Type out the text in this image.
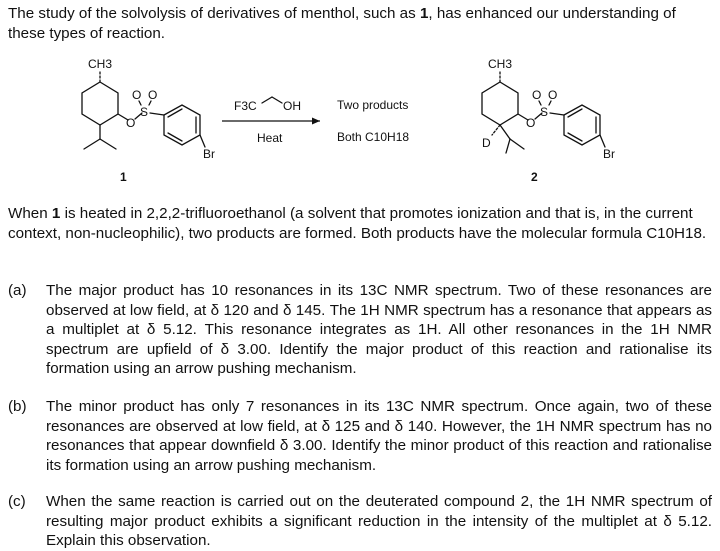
The study of the solvolysis of derivatives of menthol, such as 1, has enhanced our understanding of these types of reaction.
CH3
O
S
O O
Br
1
F3C OH
Heat
Two products
Both C10H18
CH3
O
S
O O
Br
D
2
When 1 is heated in 2,2,2-trifluoroethanol (a solvent that promotes ionization and that is, in the current context, non-nucleophilic), two products are formed. Both products have the molecular formula C10H18.
(a)	The major product has 10 resonances in its 13C NMR spectrum. Two of these resonances are observed at low field, at δ 120 and δ 145. The 1H NMR spectrum has a resonance that appears as a multiplet at δ 5.12. This resonance integrates as 1H. All other resonances in the 1H NMR spectrum are upfield of δ 3.00. Identify the major product of this reaction and rationalise its formation using an arrow pushing mechanism.
(b)	The minor product has only 7 resonances in its 13C NMR spectrum. Once again, two of these resonances are observed at low field, at δ 125 and δ 140. However, the 1H NMR spectrum has no resonances that appear downfield δ 3.00. Identify the minor product of this reaction and rationalise its formation using an arrow pushing mechanism.
(c)	When the same reaction is carried out on the deuterated compound 2, the 1H NMR spectrum of resulting major product exhibits a significant reduction in the intensity of the multiplet at δ 5.12. Explain this observation.
